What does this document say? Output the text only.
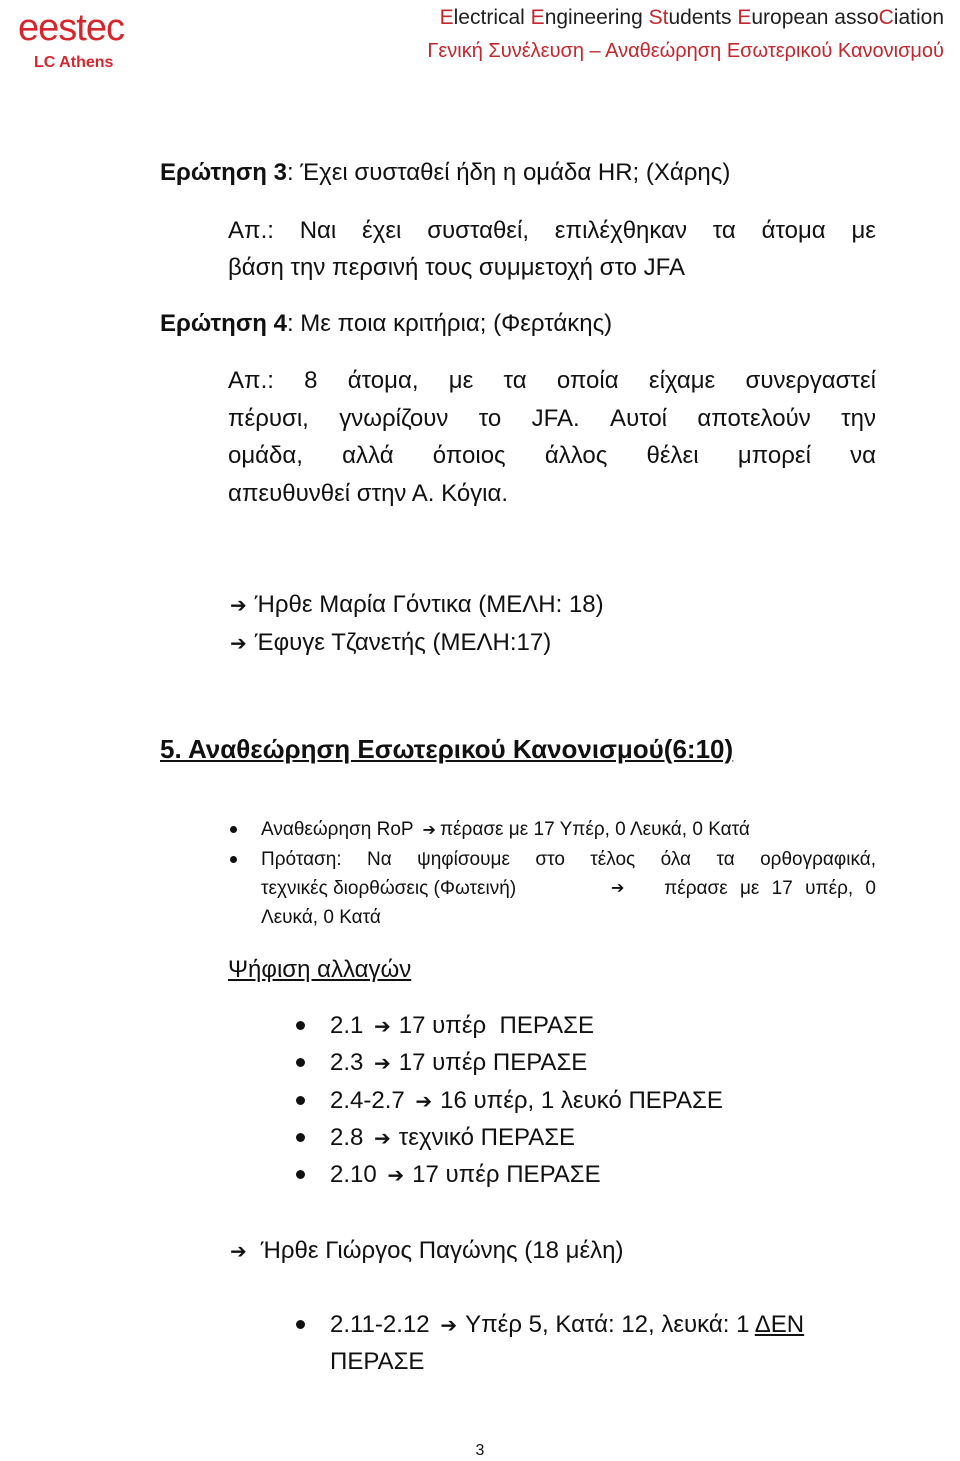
eestec
LC Athens
Electrical Engineering Students European assoCiation
Γενική Συνέλευση – Αναθεώρηση Εσωτερικού Κανονισμού
Ερώτηση 3: Έχει συσταθεί ήδη η ομάδα HR; (Χάρης)
Απ.: Ναι έχει συσταθεί, επιλέχθηκαν τα άτομα με
βάση την περσινή τους συμμετοχή στο JFA
Ερώτηση 4: Με ποια κριτήρια; (Φερτάκης)
Απ.: 8 άτομα, με τα οποία είχαμε συνεργαστεί
πέρυσι, γνωρίζουν το JFA. Αυτοί αποτελούν την
ομάδα, αλλά όποιος άλλος θέλει μπορεί να
απευθυνθεί στην Α. Κόγια.
➔ Ήρθε Μαρία Γόντικα (ΜΕΛΗ: 18)
➔ Έφυγε Τζανετής (ΜΕΛΗ:17)
5. Αναθεώρηση Εσωτερικού Κανονισμού(6:10)
Αναθεώρηση RoP ➔ πέρασε με 17 Υπέρ, 0 Λευκά, 0 Κατά
Πρόταση: Να ψηφίσουμε στο τέλος όλα τα ορθογραφικά,
τεχνικές διορθώσεις (Φωτεινή)	➔ πέρασε με 17 υπέρ, 0
Λευκά, 0 Κατά
Ψήφιση αλλαγών
2.1 ➔ 17 υπέρ  ΠΕΡΑΣΕ
2.3 ➔ 17 υπέρ ΠΕΡΑΣΕ
2.4-2.7 ➔ 16 υπέρ, 1 λευκό ΠΕΡΑΣΕ
2.8 ➔ τεχνικό ΠΕΡΑΣΕ
2.10 ➔ 17 υπέρ ΠΕΡΑΣΕ
➔ Ήρθε Γιώργος Παγώνης (18 μέλη)
2.11-2.12 ➔ Υπέρ 5, Κατά: 12, λευκά: 1 ΔΕΝ
ΠΕΡΑΣΕ
3
